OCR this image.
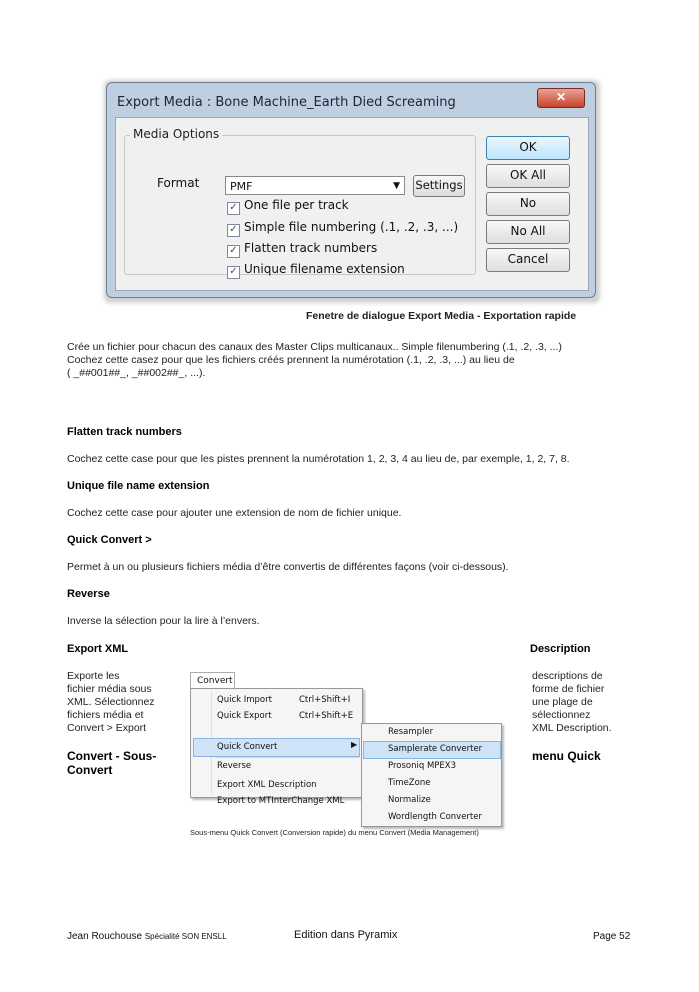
Export Media : Bone Machine_Earth Died Screaming	✕
Format	PMF	▼ Settings
✓ One file per track
✓ Simple file numbering (.1, .2, .3, ...)
✓ Flatten track numbers
✓ Unique filename extension
Media Options
OK
OK All
No
No All
Cancel
Fenetre de dialogue Export Media - Exportation rapide
Crée un fichier pour chacun des canaux des Master Clips multicanaux.. Simple filenumbering (.1, .2, .3, ...)
Cochez cette casez pour que les fichiers créés prennent la numérotation (.1, .2, .3, ...) au lieu de
( _##001##_, _##002##_, ...).
Flatten track numbers
Cochez cette case pour que les pistes prennent la numérotation 1, 2, 3, 4 au lieu de, par exemple, 1, 2, 7, 8.
Unique file name extension
Cochez cette case pour ajouter une extension de nom de fichier unique.
Quick Convert >
Permet à un ou plusieurs fichiers média d’être convertis de différentes façons (voir ci-dessous).
Reverse
Inverse la sélection pour la lire à l’envers.
Export XML	Description
Exporte les
fichier média sous
XML. Sélectionnez
fichiers média et
Convert > Export
descriptions de
forme de fichier
une plage de
sélectionnez
XML Description.
Convert - Sous-
Convert
menu Quick
Convert
Quick Import	Ctrl+Shift+I
Quick Export	Ctrl+Shift+E
Quick Convert	▶
Reverse
Export XML Description
Export to MTInterChange XML
Resampler
Samplerate Converter
Prosoniq MPEX3
TimeZone
Normalize
Wordlength Converter
Sous-menu Quick Convert (Conversion rapide) du menu Convert (Media Management)
Jean Rouchouse Spécialité SON ENSLL	Edition dans Pyramix	Page 52
